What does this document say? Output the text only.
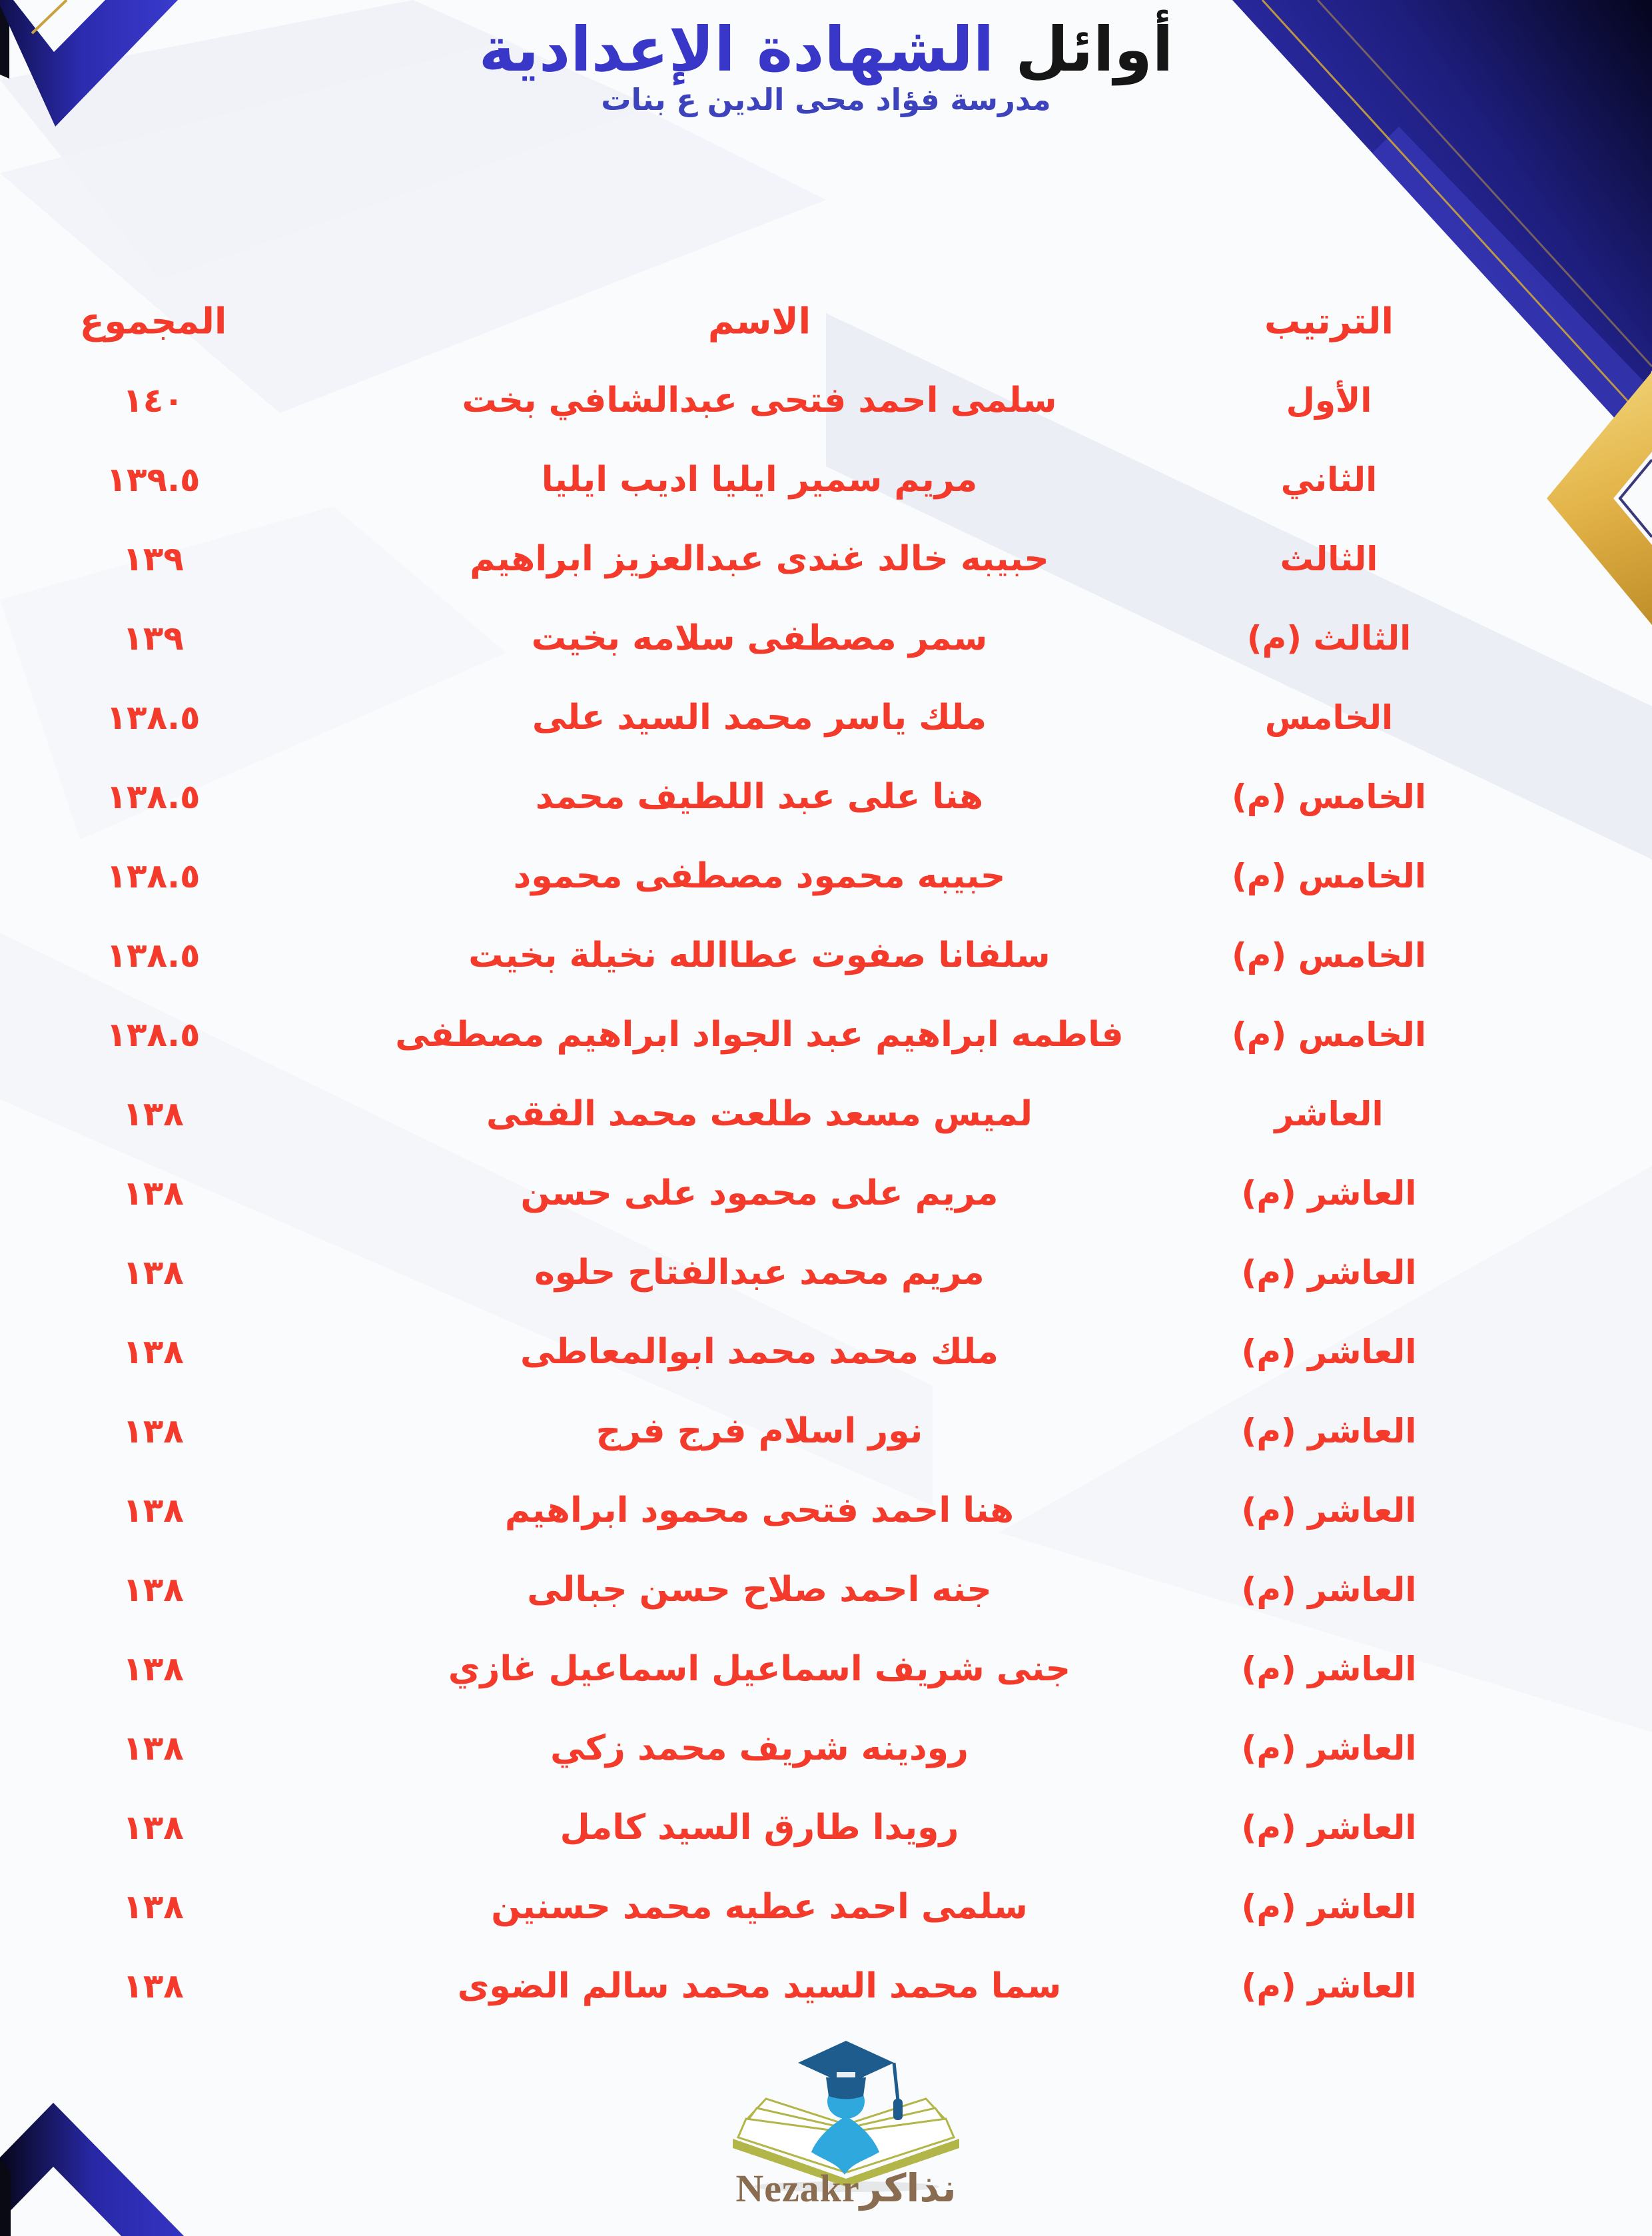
أوائل الشهادة الإعدادية
مدرسة فؤاد محى الدين ع بنات
الترتيب
الاسم
المجموع
الأول
سلمى احمد فتحى عبدالشافي بخت
١٤٠
الثاني
مريم سمير ايليا اديب ايليا
١٣٩.٥
الثالث
حبيبه خالد غندى عبدالعزيز ابراهيم
١٣٩
الثالث (م)
سمر مصطفى سلامه بخيت
١٣٩
الخامس
ملك ياسر محمد السيد على
١٣٨.٥
الخامس (م)
هنا على عبد اللطيف محمد
١٣٨.٥
الخامس (م)
حبيبه محمود مصطفى محمود
١٣٨.٥
الخامس (م)
سلفانا صفوت عطاالله نخيلة بخيت
١٣٨.٥
الخامس (م)
فاطمه ابراهيم عبد الجواد ابراهيم مصطفى
١٣٨.٥
العاشر
لميس مسعد طلعت محمد الفقى
١٣٨
العاشر (م)
مريم على محمود على حسن
١٣٨
العاشر (م)
مريم محمد عبدالفتاح حلوه
١٣٨
العاشر (م)
ملك محمد محمد ابوالمعاطى
١٣٨
العاشر (م)
نور اسلام فرج فرج
١٣٨
العاشر (م)
هنا احمد فتحى محمود ابراهيم
١٣٨
العاشر (م)
جنه احمد صلاح حسن جبالى
١٣٨
العاشر (م)
جنى شريف اسماعيل اسماعيل غازي
١٣٨
العاشر (م)
رودينه شريف محمد زكي
١٣٨
العاشر (م)
رويدا طارق السيد كامل
١٣٨
العاشر (م)
سلمى احمد عطيه محمد حسنين
١٣٨
العاشر (م)
سما محمد السيد محمد سالم الضوى
١٣٨
نذاكرNezakr
